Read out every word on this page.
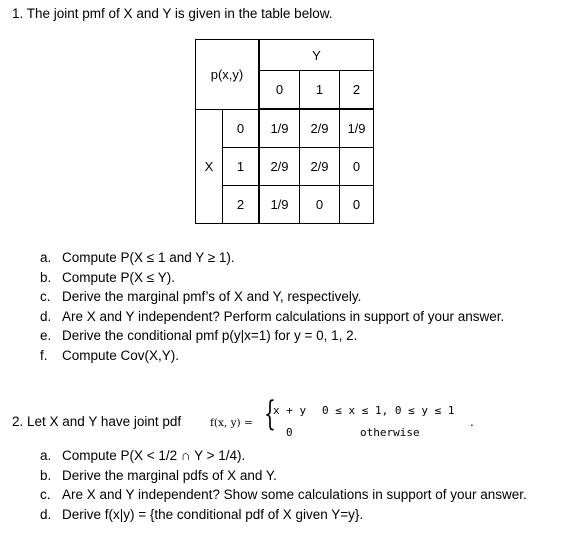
1. The joint pmf of X and Y is given in the table below.
p(x,y)		Y		
		0	1	2
X	0	1/9	2/9	1/9
	1	2/9	2/9	0
	2	1/9	0	0
a. Compute P(X ≤ 1 and Y ≥ 1).
b. Compute P(X ≤ Y).
c. Derive the marginal pmf’s of X and Y, respectively.
d. Are X and Y independent? Perform calculations in support of your answer.
e. Derive the conditional pmf p(y|x=1) for y = 0, 1, 2.
f.	Compute Cov(X,Y).
2. Let X and Y have joint pdf	f(x, y) = {
x + y 0 ≤ x ≤ 1, 0 ≤ y ≤ 1
0	otherwise
.
a. Compute P(X < 1/2 ∩ Y > 1/4).
b. Derive the marginal pdfs of X and Y.
c. Are X and Y independent? Show some calculations in support of your answer.
d. Derive f(x|y) = {the conditional pdf of X given Y=y}.
